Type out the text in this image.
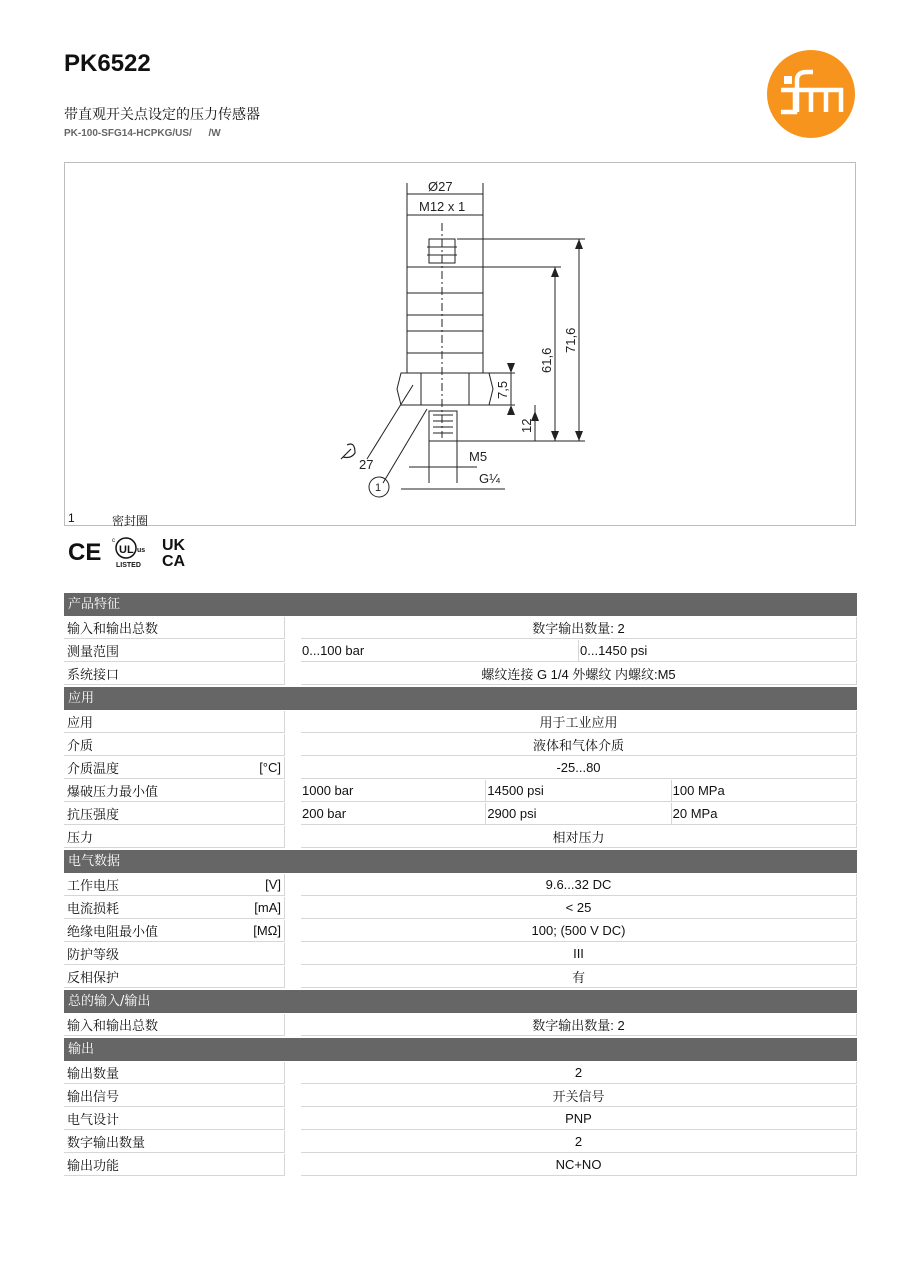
PK6522
带直观开关点设定的压力传感器
PK-100-SFG14-HCPKG/US/      /W
Ø27
M12 x 1
71,6
61,6
7,5
12
M5
G¼
27
1
1	密封圈
CE UL
c
us
LISTED
UK
CA
产品特征
输入和输出总数	数字输出数量: 2
测量范围	0...100 bar	0...1450 psi
系统接口	螺纹连接 G 1/4 外螺纹 内螺纹:M5
应用
应用	用于工业应用
介质	液体和气体介质
介质温度	[°C]	-25...80
爆破压力最小值	1000 bar	14500 psi	100 MPa
抗压强度	200 bar	2900 psi	20 MPa
压力	相对压力
电气数据
工作电压	[V]	9.6...32 DC
电流损耗	[mA]	< 25
绝缘电阻最小值	[MΩ]	100; (500 V DC)
防护等级	III
反相保护	有
总的输入/输出
输入和输出总数	数字输出数量: 2
输出
输出数量	2
输出信号	开关信号
电气设计	PNP
数字输出数量	2
输出功能	NC+NO
